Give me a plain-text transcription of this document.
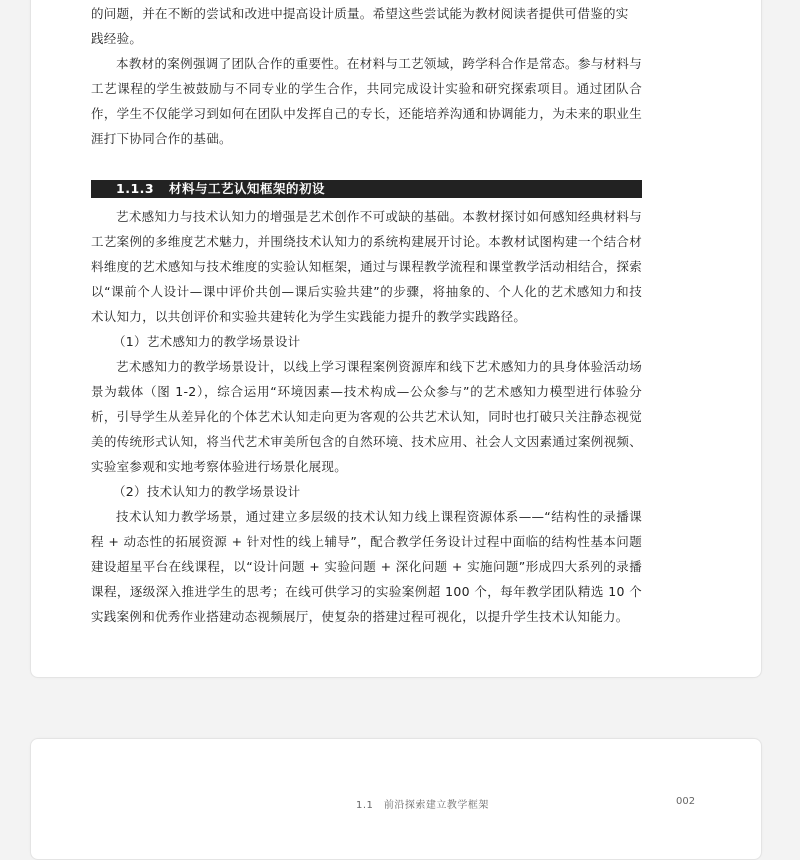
的问题，并在不断的尝试和改进中提高设计质量。希望这些尝试能为教材阅读者提供可借鉴的实
践经验。

本教材的案例强调了团队合作的重要性。在材料与工艺领域，跨学科合作是常态。参与材料与工艺课程的学生被鼓励与不同专业的学生合作，共同完成设计实验和研究探索项目。通过团队合作，学生不仅能学习到如何在团队中发挥自己的专长，还能培养沟通和协调能力，为未来的职业生涯打下协同合作的基础。

1.1.3 材料与工艺认知框架的初设

艺术感知力与技术认知力的增强是艺术创作不可或缺的基础。本教材探讨如何感知经典材料与工艺案例的多维度艺术魅力，并围绕技术认知力的系统构建展开讨论。本教材试图构建一个结合材料维度的艺术感知与技术维度的实验认知框架，通过与课程教学流程和课堂教学活动相结合，探索以“课前个人设计—课中评价共创—课后实验共建”的步骤，将抽象的、个人化的艺术感知力和技术认知力，以共创评价和实验共建转化为学生实践能力提升的教学实践路径。

（1）艺术感知力的教学场景设计

艺术感知力的教学场景设计，以线上学习课程案例资源库和线下艺术感知力的具身体验活动场景为载体（图 1-2），综合运用“环境因素—技术构成—公众参与”的艺术感知力模型进行体验分析，引导学生从差异化的个体艺术认知走向更为客观的公共艺术认知，同时也打破只关注静态视觉美的传统形式认知，将当代艺术审美所包含的自然环境、技术应用、社会人文因素通过案例视频、实验室参观和实地考察体验进行场景化展现。

（2）技术认知力的教学场景设计

技术认知力教学场景，通过建立多层级的技术认知力线上课程资源体系——“结构性的录播课程 + 动态性的拓展资源 + 针对性的线上辅导”，配合教学任务设计过程中面临的结构性基本问题建设超星平台在线课程，以“设计问题 + 实验问题 + 深化问题 + 实施问题”形成四大系列的录播课程，逐级深入推进学生的思考；在线可供学习的实验案例超 100 个，每年教学团队精选 10 个实践案例和优秀作业搭建动态视频展厅，使复杂的搭建过程可视化，以提升学生技术认知能力。

1.1　前沿探索建立教学框架	002
